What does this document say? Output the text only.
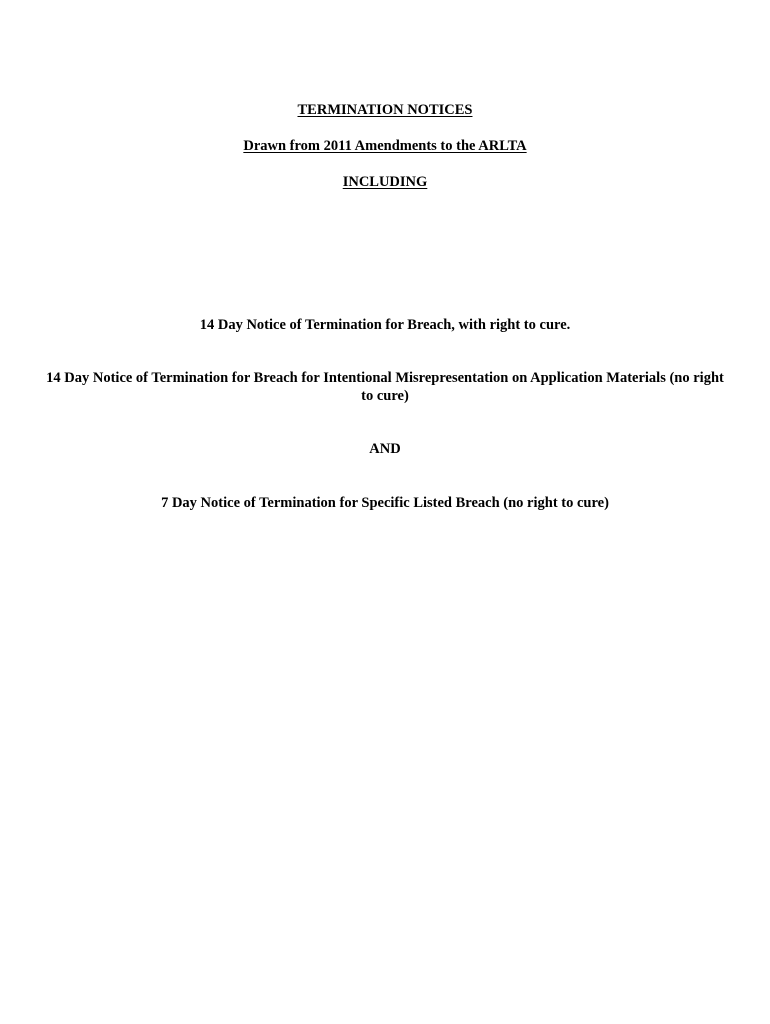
TERMINATION NOTICES

Drawn from 2011 Amendments to the ARLTA

INCLUDING

14 Day Notice of Termination for Breach, with right to cure.

14 Day Notice of Termination for Breach for Intentional Misrepresentation on Application Materials (no right to cure)

AND

7 Day Notice of Termination for Specific Listed Breach (no right to cure)
